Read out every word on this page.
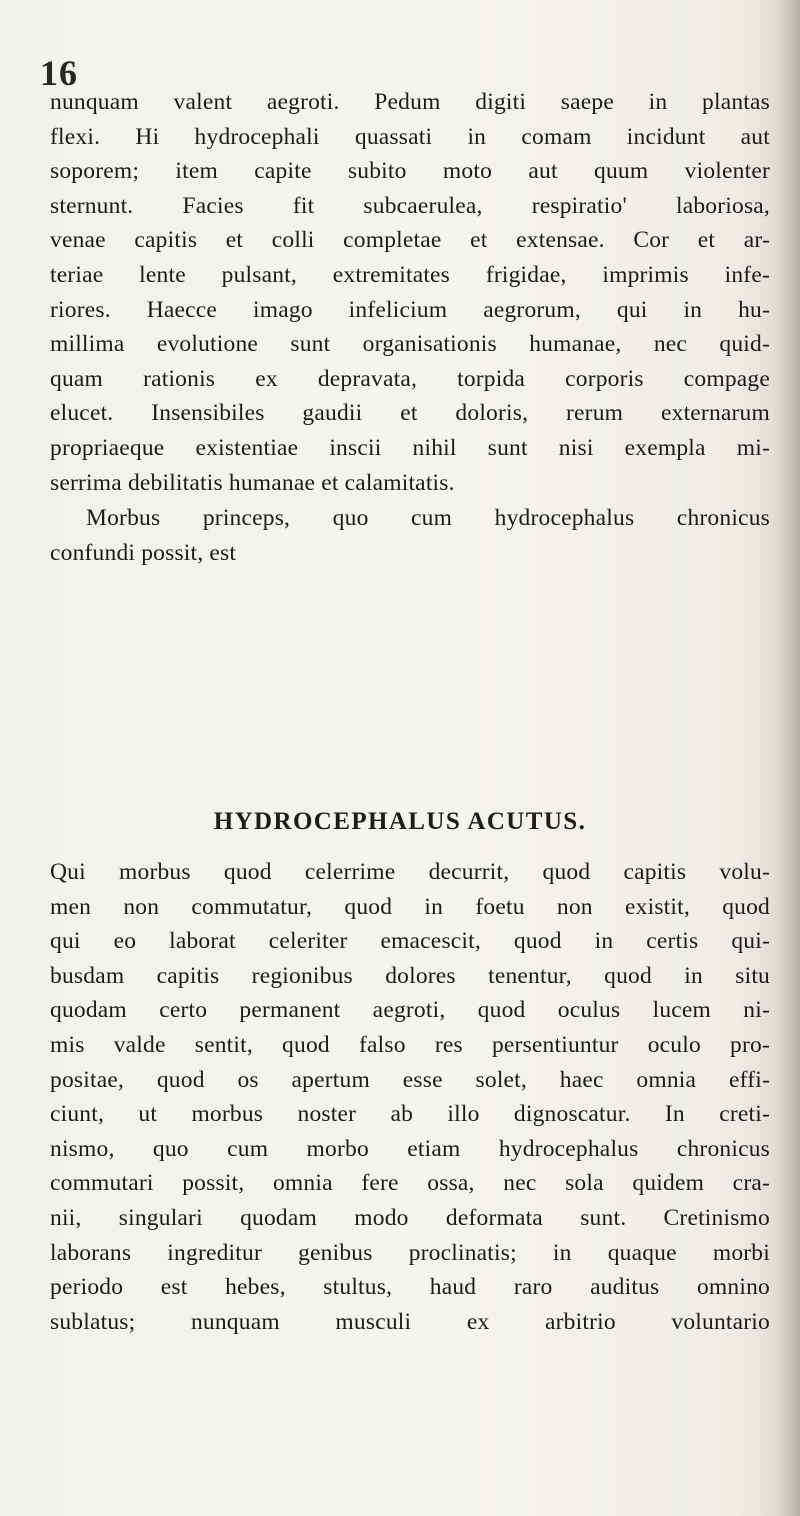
16
nunquam valent aegroti. Pedum digiti saepe in plantas
flexi. Hi hydrocephali quassati in comam incidunt aut
soporem; item capite subito moto aut quum violenter
sternunt. Facies fit subcaerulea, respiratio' laboriosa,
venae capitis et colli completae et extensae. Cor et ar-
teriae lente pulsant, extremitates frigidae, imprimis infe-
riores. Haecce imago infelicium aegrorum, qui in hu-
millima evolutione sunt organisationis humanae, nec quid-
quam rationis ex depravata, torpida corporis compage
elucet. Insensibiles gaudii et doloris, rerum externarum
propriaeque existentiae inscii nihil sunt nisi exempla mi-
serrima debilitatis humanae et calamitatis.
Morbus princeps, quo cum hydrocephalus chronicus
confundi possit, est
HYDROCEPHALUS ACUTUS.
Qui morbus quod celerrime decurrit, quod capitis volu-
men non commutatur, quod in foetu non existit, quod
qui eo laborat celeriter emacescit, quod in certis qui-
busdam capitis regionibus dolores tenentur, quod in situ
quodam certo permanent aegroti, quod oculus lucem ni-
mis valde sentit, quod falso res persentiuntur oculo pro-
positae, quod os apertum esse solet, haec omnia effi-
ciunt, ut morbus noster ab illo dignoscatur. In creti-
nismo, quo cum morbo etiam hydrocephalus chronicus
commutari possit, omnia fere ossa, nec sola quidem cra-
nii, singulari quodam modo deformata sunt. Cretinismo
laborans ingreditur genibus proclinatis; in quaque morbi
periodo est hebes, stultus, haud raro auditus omnino
sublatus; nunquam musculi ex arbitrio voluntario
